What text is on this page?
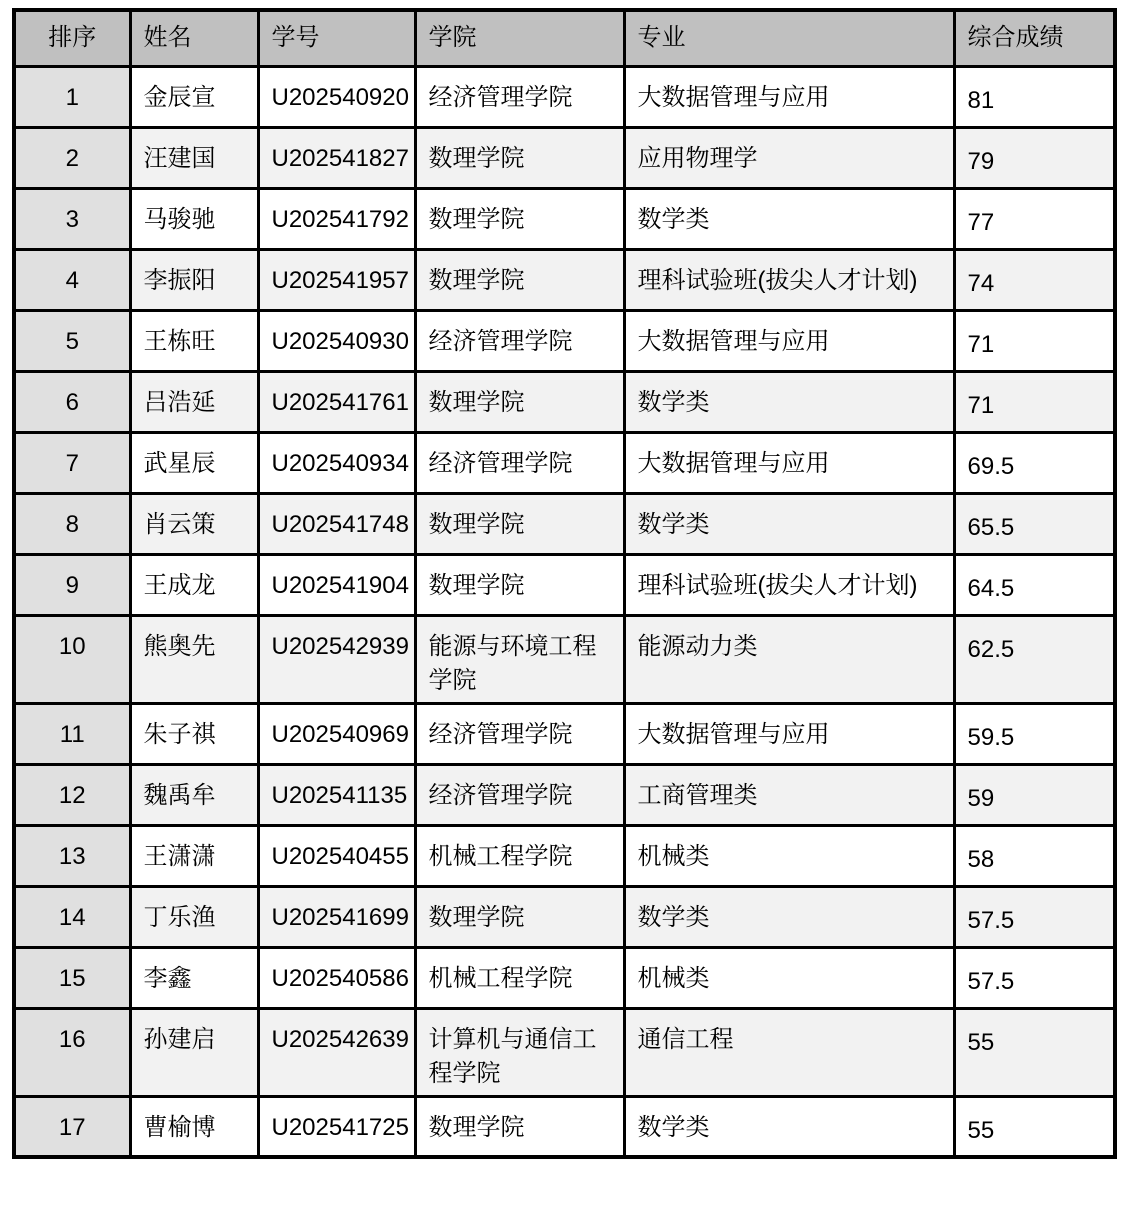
排序	姓名	学号	学院	专业	综合成绩
1	金辰宣	U202540920	经济管理学院	大数据管理与应用	81
2	汪建国	U202541827	数理学院	应用物理学	79
3	马骏驰	U202541792	数理学院	数学类	77
4	李振阳	U202541957	数理学院	理科试验班(拔尖人才计划)	74
5	王栋旺	U202540930	经济管理学院	大数据管理与应用	71
6	吕浩延	U202541761	数理学院	数学类	71
7	武星辰	U202540934	经济管理学院	大数据管理与应用	69.5
8	肖云策	U202541748	数理学院	数学类	65.5
9	王成龙	U202541904	数理学院	理科试验班(拔尖人才计划)	64.5
10	熊奥先	U202542939	能源与环境工程学院	能源动力类	62.5
11	朱子祺	U202540969	经济管理学院	大数据管理与应用	59.5
12	魏禹牟	U202541135	经济管理学院	工商管理类	59
13	王潇潇	U202540455	机械工程学院	机械类	58
14	丁乐渔	U202541699	数理学院	数学类	57.5
15	李鑫	U202540586	机械工程学院	机械类	57.5
16	孙建启	U202542639	计算机与通信工程学院	通信工程	55
17	曹榆博	U202541725	数理学院	数学类	55
